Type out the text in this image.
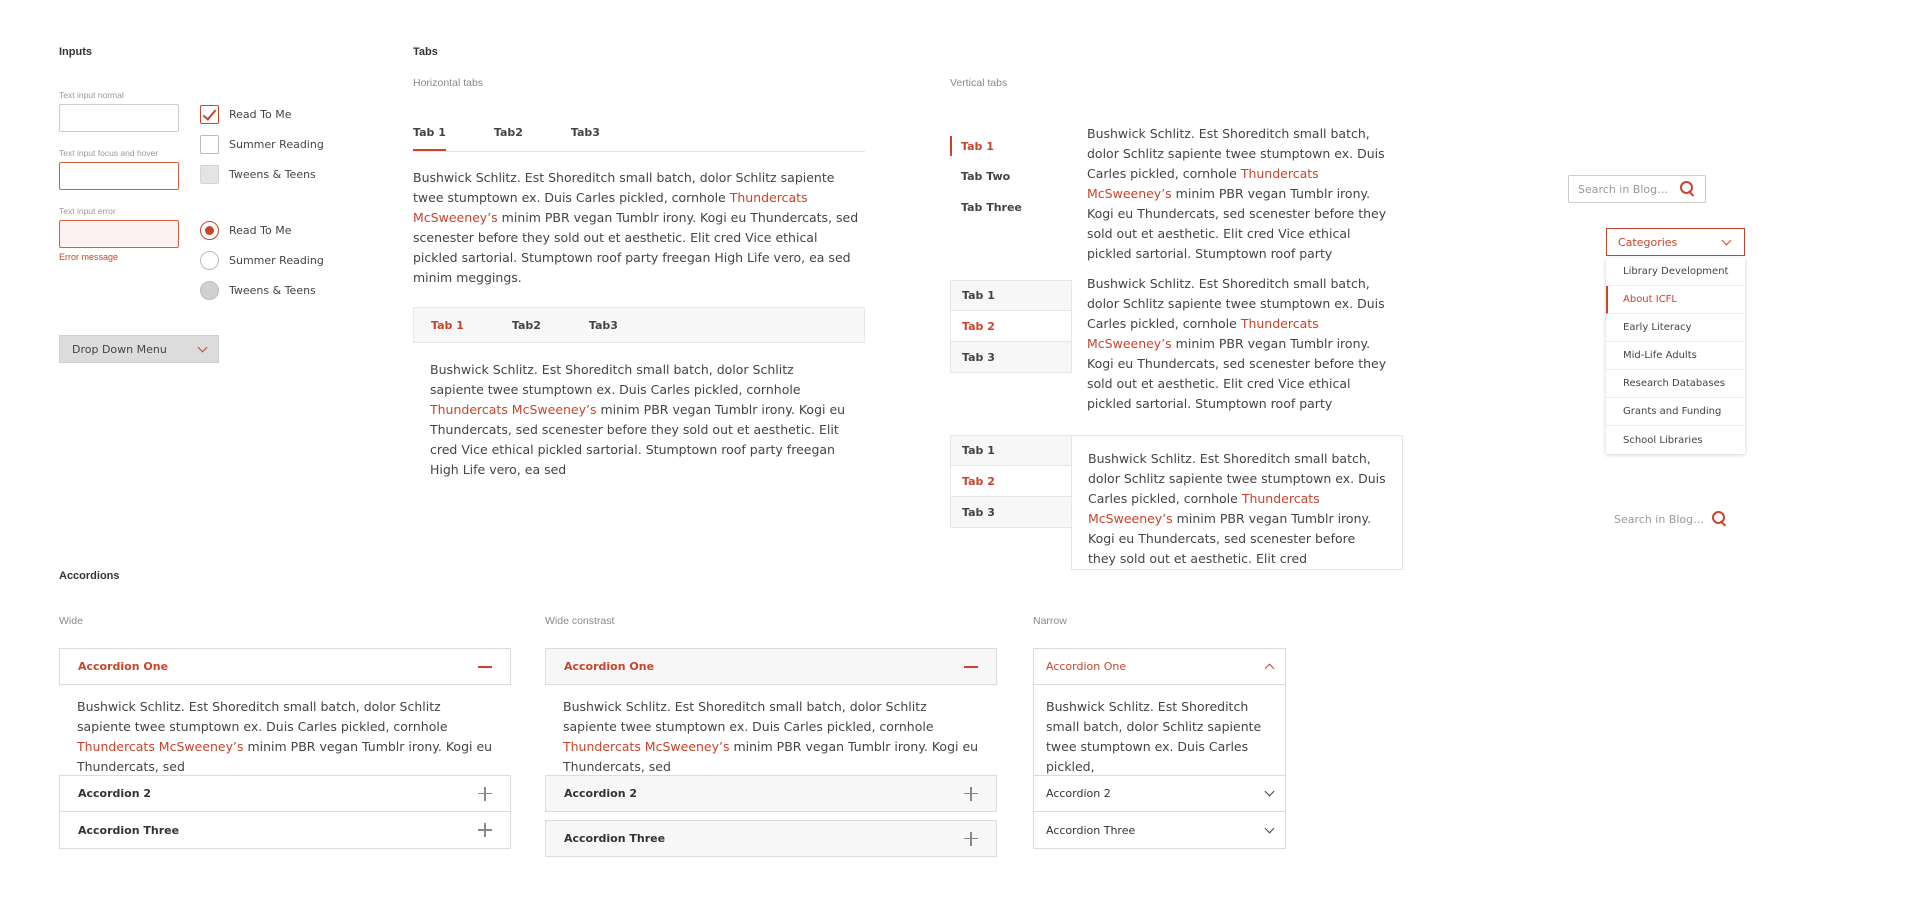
Inputs
Text input normal
Text input focus and hover
Text input error
Error message
Read To Me
Summer Reading
Tweens & Teens
Read To Me
Summer Reading
Tweens & Teens
Drop Down Menu
Tabs
Horizontal tabs
Tab 1	Tab2	Tab3
Bushwick Schlitz. Est Shoreditch small batch, dolor Schlitz sapiente twee stumptown ex. Duis Carles pickled, cornhole Thundercats McSweeney’s minim PBR vegan Tumblr irony. Kogi eu Thundercats, sed scenester before they sold out et aesthetic. Elit cred Vice ethical pickled sartorial. Stumptown roof party freegan High Life vero, ea sed minim meggings.
Tab 1	Tab2	Tab3
Bushwick Schlitz. Est Shoreditch small batch, dolor Schlitz sapiente twee stumptown ex. Duis Carles pickled, cornhole Thundercats McSweeney’s minim PBR vegan Tumblr irony. Kogi eu Thundercats, sed scenester before they sold out et aesthetic. Elit cred Vice ethical pickled sartorial. Stumptown roof party freegan High Life vero, ea sed
Vertical tabs
Tab 1
Tab Two
Tab Three
Bushwick Schlitz. Est Shoreditch small batch, dolor Schlitz sapiente twee stumptown ex. Duis Carles pickled, cornhole Thundercats McSweeney’s minim PBR vegan Tumblr irony. Kogi eu Thundercats, sed scenester before they sold out et aesthetic. Elit cred Vice ethical pickled sartorial. Stumptown roof party
Tab 1
Tab 2
Tab 3
Bushwick Schlitz. Est Shoreditch small batch, dolor Schlitz sapiente twee stumptown ex. Duis Carles pickled, cornhole Thundercats McSweeney’s minim PBR vegan Tumblr irony. Kogi eu Thundercats, sed scenester before they sold out et aesthetic. Elit cred Vice ethical pickled sartorial. Stumptown roof party
Tab 1
Tab 2
Tab 3
Bushwick Schlitz. Est Shoreditch small batch, dolor Schlitz sapiente twee stumptown ex. Duis Carles pickled, cornhole Thundercats McSweeney’s minim PBR vegan Tumblr irony. Kogi eu Thundercats, sed scenester before they sold out et aesthetic. Elit cred
Search in Blog…
Categories
Library Development
About ICFL
Early Literacy
Mid-Life Adults
Research Databases
Grants and Funding
School Libraries
Search in Blog…
Accordions
Wide
Accordion One
Bushwick Schlitz. Est Shoreditch small batch, dolor Schlitz sapiente twee stumptown ex. Duis Carles pickled, cornhole Thundercats McSweeney’s minim PBR vegan Tumblr irony. Kogi eu Thundercats, sed
Accordion 2
Accordion Three
Wide constrast
Accordion One
Bushwick Schlitz. Est Shoreditch small batch, dolor Schlitz sapiente twee stumptown ex. Duis Carles pickled, cornhole Thundercats McSweeney’s minim PBR vegan Tumblr irony. Kogi eu Thundercats, sed
Accordion 2
Accordion Three
Narrow
Accordion One
Bushwick Schlitz. Est Shoreditch small batch, dolor Schlitz sapiente twee stumptown ex. Duis Carles pickled,
Accordion 2
Accordion Three
